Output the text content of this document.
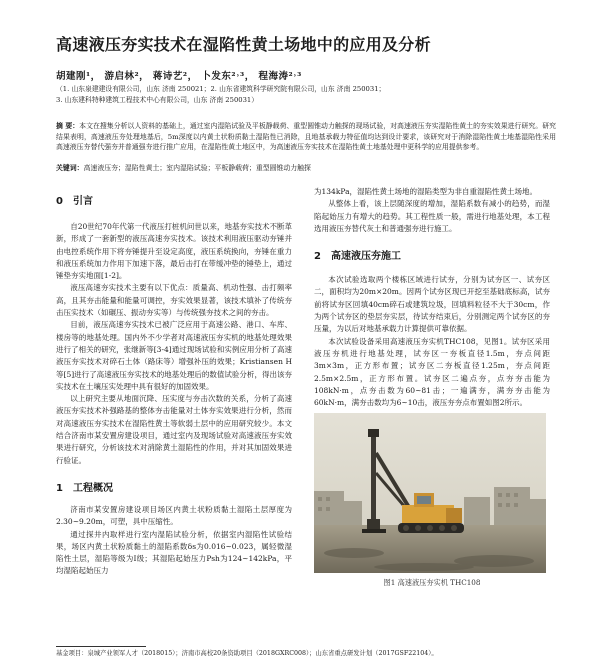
高速液压夯实技术在湿陷性黄土场地中的应用及分析
胡建刚¹， 游启林²， 蒋诗艺²， 卜发东²˒³， 程海涛²˒³
（1. 山东泉建建设有限公司，山东 济南 250021；2. 山东省建筑科学研究院有限公司，山东 济南 250031；
3. 山东建科特种建筑工程技术中心有限公司，山东 济南 250031）
摘 要：本文在搜集分析以人资料的基础上，通过室内湿陷试验及平板静载荷、重型圆锥动力触探的现场试验，对高速液压夯实湿陷性黄土的夯实效果进行研究。研究结果表明，高速液压夯处理地基后，5m深度以内黄土状粉质黏土湿陷性已消除，且地基承载力特征值均达到设计要求，该研究对于消除湿陷性黄土地基湿陷性采用高速液压夯替代强夯并普通强夯进行推广应用，在湿陷性黄土地区中，为高速液压夯实技术在湿陷性黄土地基处理中更科学的应用提供参考。
关键词：高速液压夯；湿陷性黄土；室内湿陷试验；平板静载荷；重型圆锥动力触探

0 引言

自20世纪70年代第一代液压打桩机问世以来，地基夯实技术不断革新，形成了一套新型的液压高速夯实技术。该技术利用液压驱动夯锤并由电控系统作用下将夯锤提升至设定高度，液压系统换向，夯锤在重力和液压系统加力作用下加速下落，最后击打在带缓冲垫的锤垫上，通过锤垫夯实地面[1-2]。

液压高速夯实技术主要有以下优点：质量高、机动性强、击打频率高，且其夯击能量和能量可调控，夯实效果显著，该技术填补了传统夯击压实技术（如碾压、振动夯实等）与传统强夯技术之间的夯击。

目前，液压高速夯实技术已被广泛应用于高速公路、港口、车库、楼房等的地基处理。国内外不少学者对高速液压夯实机的地基处理效果进行了相关的研究，张继新等[3-4]通过现场试验和实例应用分析了高速液压夯实技术对碎石土体（路床等）增强补压的效果；Kristiansen H等[5]进行了高速液压夯实技术的地基处理后的数值试验分析，得出该夯实技术在土壤压实处理中具有很好的加固效果。

以上研究主要从地面沉降、压实度与夯击次数的关系，分析了高速液压夯实技术补强路基的整体夯击能量对土体夯实效果进行分析，然而对高速液压夯实技术在湿陷性黄土等软弱土层中的应用研究较少。本文结合济南市某安置房建设项目，通过室内及现场试验对高速液压夯实效果进行研究，分析该技术对消除黄土湿陷性的作用，并对其加固效果进行验证。

1 工程概况

济南市某安置房建设项目场区内黄土状粉质黏土湿陷土层厚度为2.30~9.20m，可塑，具中压缩性。

通过探井内取样进行室内湿陷试验分析，依据室内湿陷性试验结果，场区内黄土状粉质黏土的湿陷系数δs为0.016~0.023，属轻微湿陷性土层，湿陷等级为Ⅰ级；其湿陷起始压力Psh为124~142kPa，平均湿陷起始压力

为134kPa，湿陷性黄土场地的湿陷类型为非自重湿陷性黄土场地。

从整体上看，该上层随深度的增加，湿陷系数有减小的趋势，而湿陷起始压力有增大的趋势。其工程性质一般，需进行地基处理，本工程选用液压夯替代灰土和普通强夯进行施工。

2 高速液压夯施工

本次试验选取两个楼栋区域进行试夯，分别为试夯区一、试夯区二，面积均为20m×20m。因两个试夯区现已开挖至基础底标高，试夯前将试夯区回填40cm碎石或建筑垃圾，回填料粒径不大于30cm，作为两个试夯区的垫层夯实层，待试夯结束后，分别测定两个试夯区的夯压量，为以后对地基承载力计算提供可靠依据。

本次试验设备采用高速液压夯实机THC108，见图1。试夯区采用液压夯机进行地基处理，试夯区一夯板直径1.5m，夯点间距3m×3m，正方形布置；试夯区二夯板直径1.25m，夯点间距2.5m×2.5m，正方形布置。试夯区二遍点夯，点夯夯击能为108kN·m，点夯击数为60~81击；一遍满夯，满夯夯击能为60kN·m，满夯击数均为6~10击，液压夯夯点布置如图2所示。

图1 高速液压夯实机 THC108
基金项目：泉城产业领军人才（2018015）；济南市高校20条资助项目（2018GXRC008）；山东省重点研发计划（2017GSF22104）。
